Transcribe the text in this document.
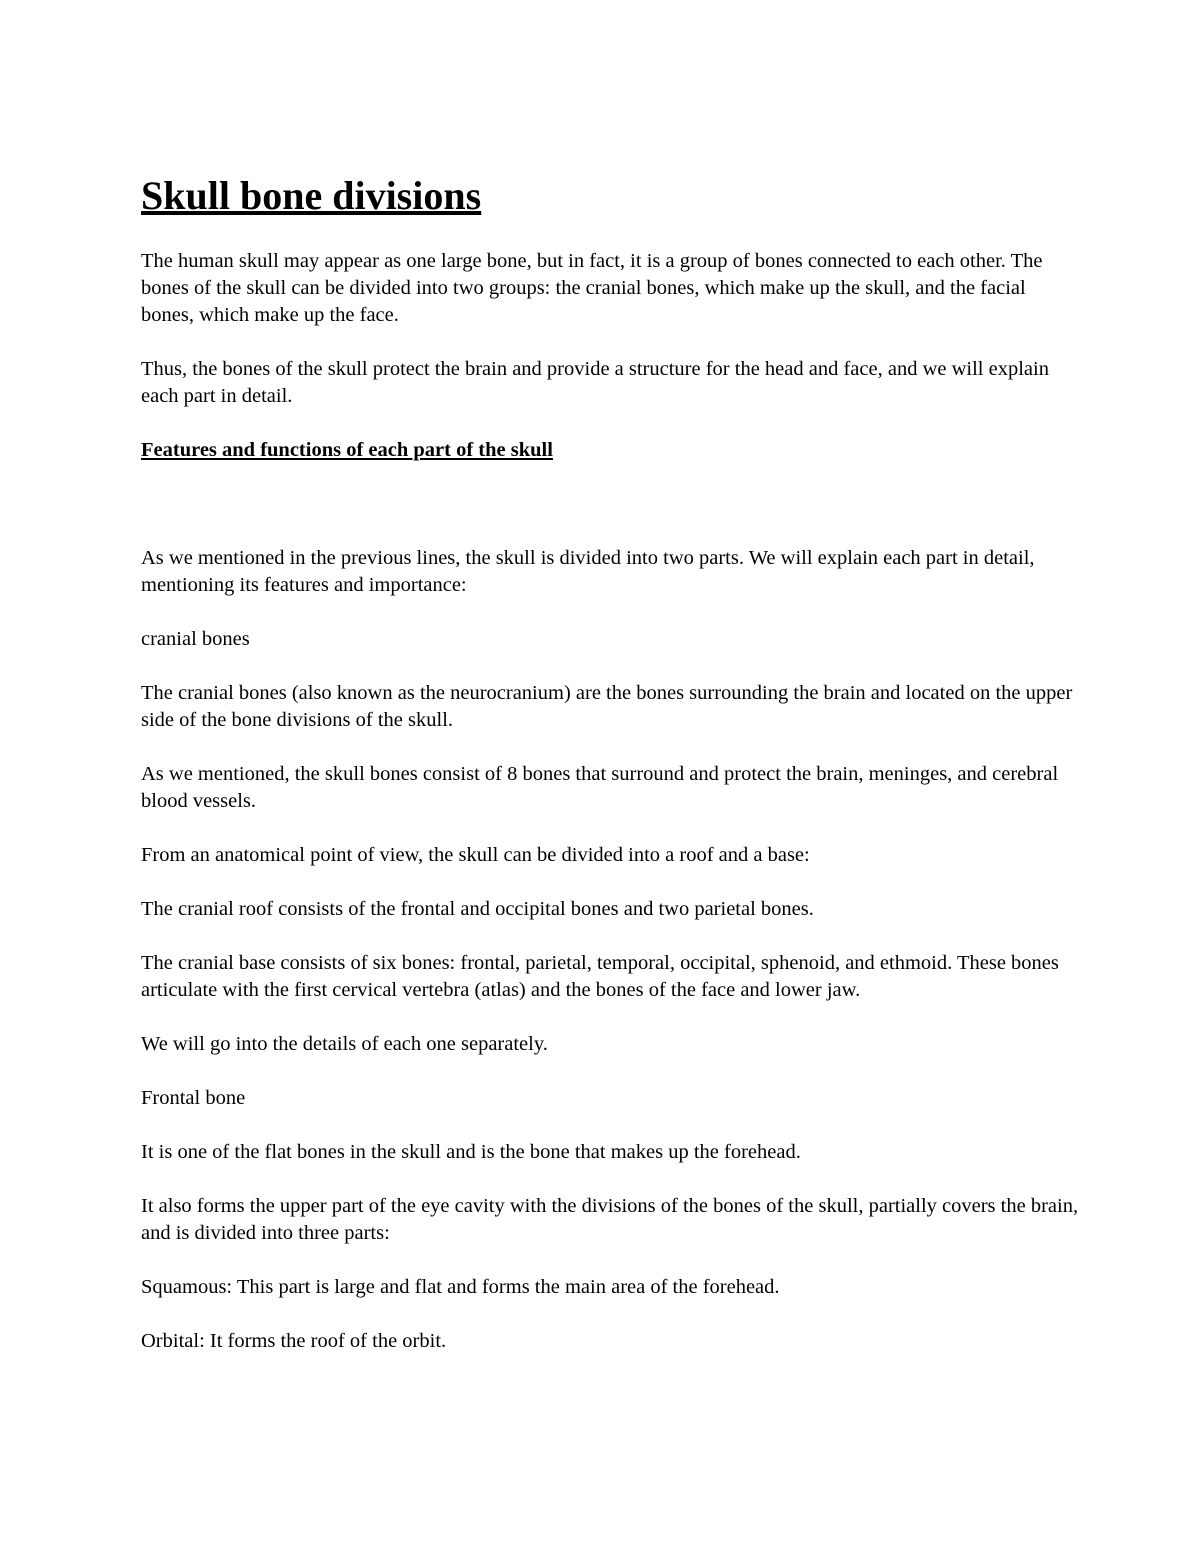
Skull bone divisions

The human skull may appear as one large bone, but in fact, it is a group of bones connected to each other. The bones of the skull can be divided into two groups: the cranial bones, which make up the skull, and the facial bones, which make up the face.

Thus, the bones of the skull protect the brain and provide a structure for the head and face, and we will explain each part in detail.

Features and functions of each part of the skull

As we mentioned in the previous lines, the skull is divided into two parts. We will explain each part in detail, mentioning its features and importance:

cranial bones

The cranial bones (also known as the neurocranium) are the bones surrounding the brain and located on the upper side of the bone divisions of the skull.

As we mentioned, the skull bones consist of 8 bones that surround and protect the brain, meninges, and cerebral blood vessels.

From an anatomical point of view, the skull can be divided into a roof and a base:

The cranial roof consists of the frontal and occipital bones and two parietal bones.

The cranial base consists of six bones: frontal, parietal, temporal, occipital, sphenoid, and ethmoid. These bones articulate with the first cervical vertebra (atlas) and the bones of the face and lower jaw.

We will go into the details of each one separately.

Frontal bone

It is one of the flat bones in the skull and is the bone that makes up the forehead.

It also forms the upper part of the eye cavity with the divisions of the bones of the skull, partially covers the brain, and is divided into three parts:

Squamous: This part is large and flat and forms the main area of the forehead.

Orbital: It forms the roof of the orbit.
